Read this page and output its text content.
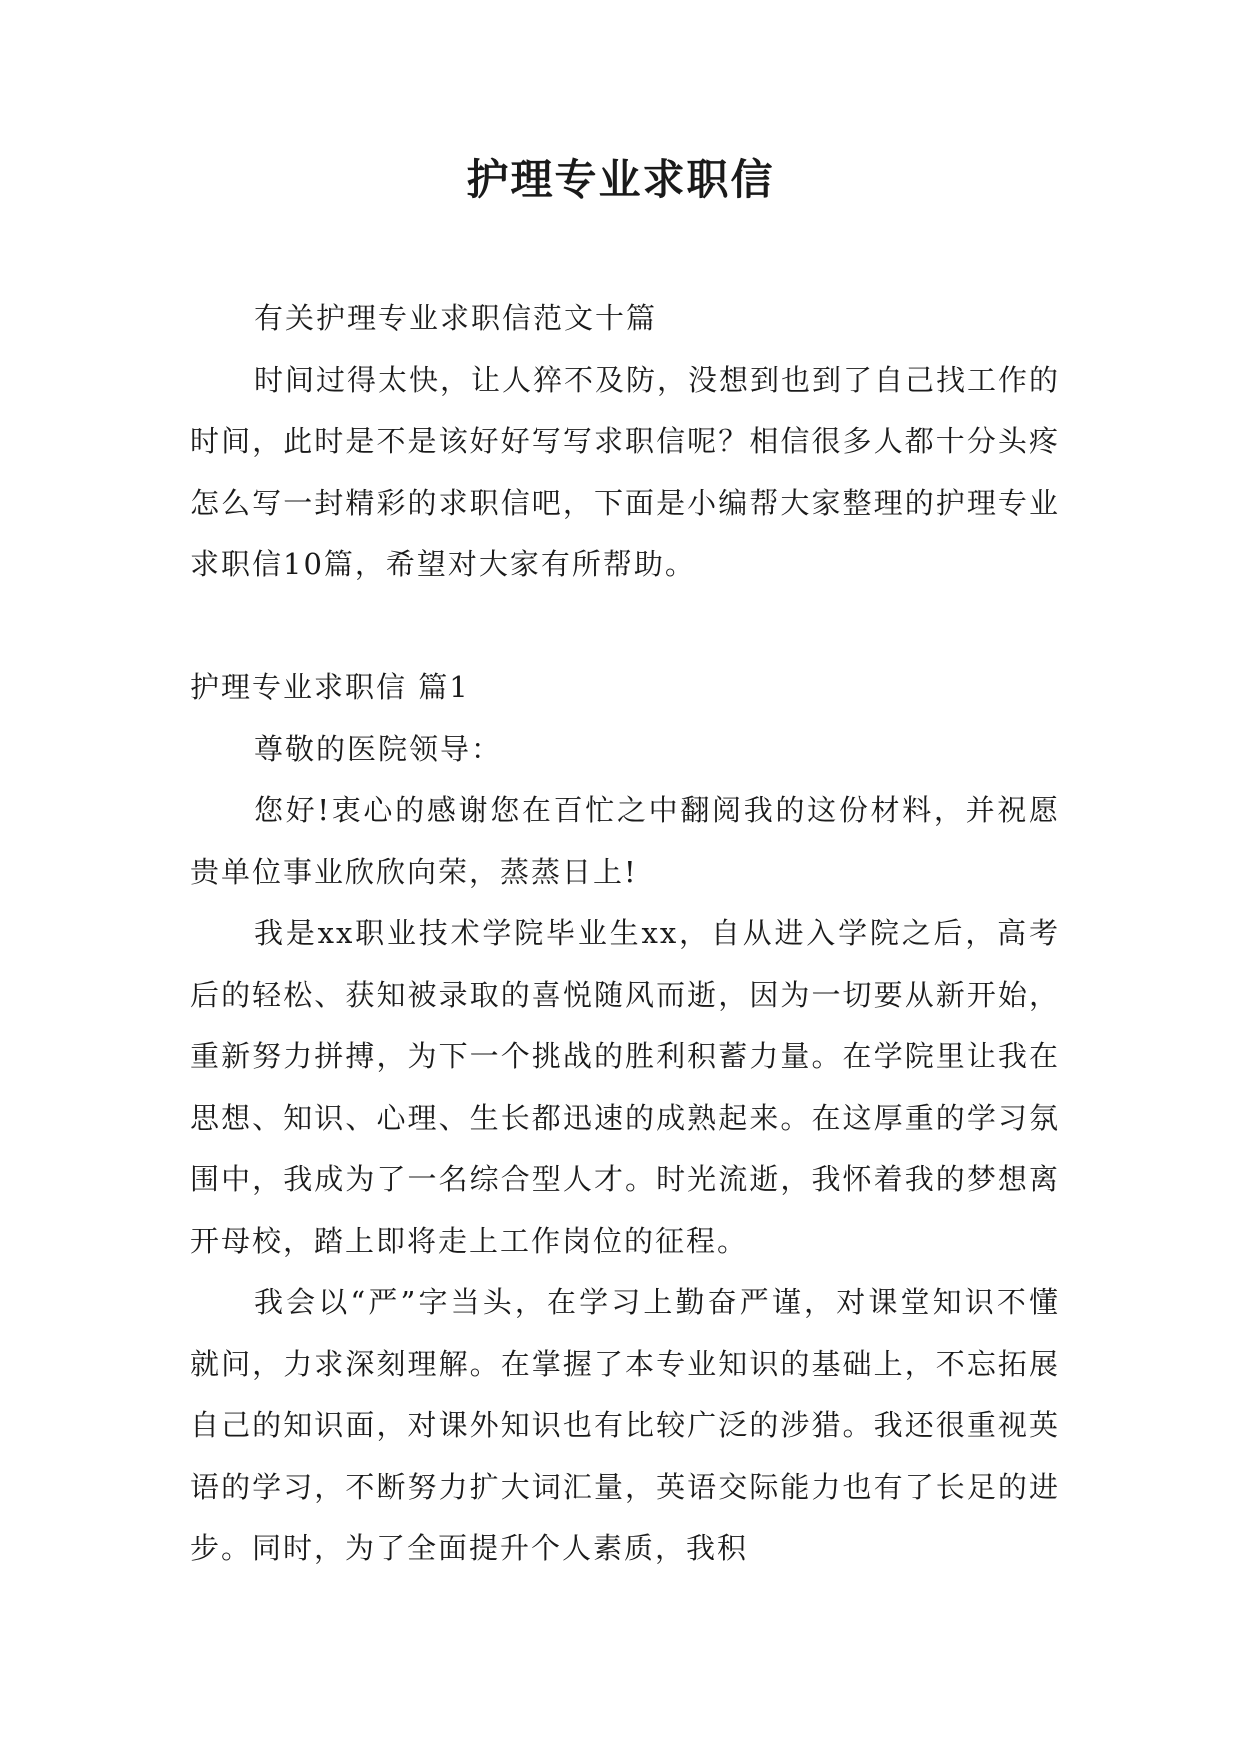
护理专业求职信

有关护理专业求职信范文十篇

时间过得太快，让人猝不及防，没想到也到了自己找工作的时间，此时是不是该好好写写求职信呢？相信很多人都十分头疼怎么写一封精彩的求职信吧，下面是小编帮大家整理的护理专业求职信10篇，希望对大家有所帮助。

护理专业求职信 篇1

尊敬的医院领导：

您好!衷心的感谢您在百忙之中翻阅我的这份材料，并祝愿贵单位事业欣欣向荣，蒸蒸日上!

我是xx职业技术学院毕业生xx，自从进入学院之后，高考后的轻松、获知被录取的喜悦随风而逝，因为一切要从新开始，重新努力拼搏，为下一个挑战的胜利积蓄力量。在学院里让我在思想、知识、心理、生长都迅速的成熟起来。在这厚重的学习氛围中，我成为了一名综合型人才。时光流逝，我怀着我的梦想离开母校，踏上即将走上工作岗位的征程。

我会以“严”字当头，在学习上勤奋严谨，对课堂知识不懂就问，力求深刻理解。在掌握了本专业知识的基础上，不忘拓展自己的知识面，对课外知识也有比较广泛的涉猎。我还很重视英语的学习，不断努力扩大词汇量，英语交际能力也有了长足的进步。同时，为了全面提升个人素质，我积
